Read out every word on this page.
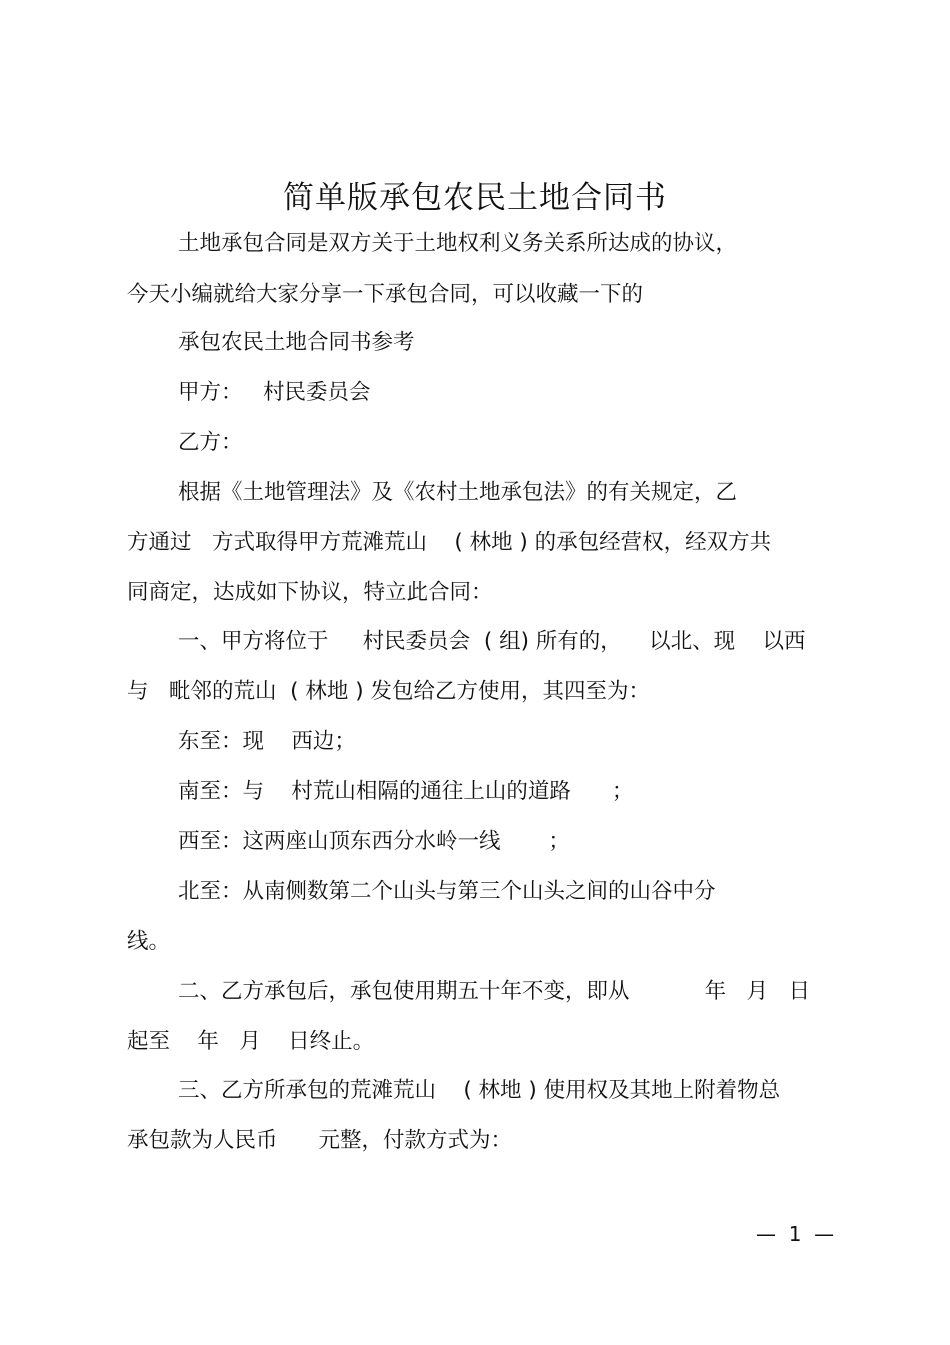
简单版承包农民土地合同书
土地承包合同是双方关于土地权利义务关系所达成的协议，
今天小编就给大家分享一下承包合同，可以收藏一下的
承包农民土地合同书参考
甲方：   村民委员会
乙方：
根据《土地管理法》及《农村土地承包法》的有关规定，乙
方通过   方式取得甲方荒滩荒山    ( 林地 ) 的承包经营权，经双方共
同商定，达成如下协议，特立此合同：
一、甲方将位于     村民委员会  ( 组) 所有的，    以北、现    以西
与   毗邻的荒山  ( 林地 ) 发包给乙方使用，其四至为：
东至：现    西边；
南至：与    村荒山相隔的通往上山的道路      ；
西至：这两座山顶东西分水岭一线       ；
北至：从南侧数第二个山头与第三个山头之间的山谷中分
线。
二、乙方承包后，承包使用期五十年不变，即从           年   月   日
起至    年   月    日终止。
三、乙方所承包的荒滩荒山    ( 林地 ) 使用权及其地上附着物总
承包款为人民币      元整，付款方式为：
—  1  —
